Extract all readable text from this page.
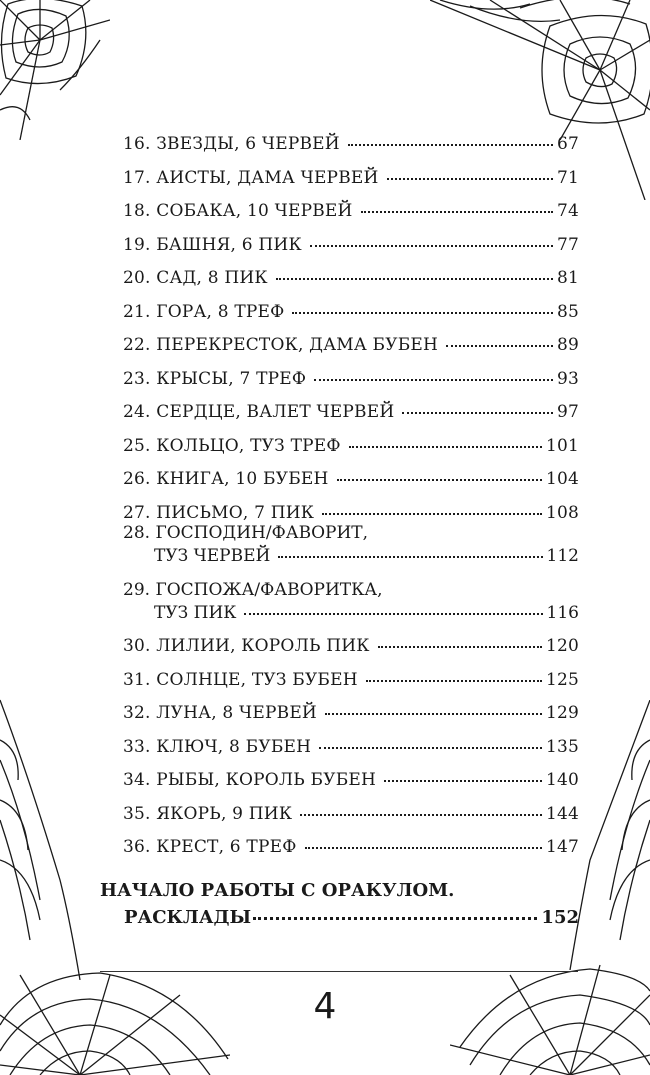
16. ЗВЕЗДЫ, 6 ЧЕРВЕЙ	67
17. АИСТЫ, ДАМА ЧЕРВЕЙ	71
18. СОБАКА, 10 ЧЕРВЕЙ	74
19. БАШНЯ, 6 ПИК	77
20. САД, 8 ПИК	81
21. ГОРА, 8 ТРЕФ	85
22. ПЕРЕКРЕСТОК, ДАМА БУБЕН	89
23. КРЫСЫ, 7 ТРЕФ	93
24. СЕРДЦЕ, ВАЛЕТ ЧЕРВЕЙ	97
25. КОЛЬЦО, ТУЗ ТРЕФ	101
26. КНИГА, 10 БУБЕН	104
27. ПИСЬМО, 7 ПИК	108
28. ГОСПОДИН/ФАВОРИТ,
ТУЗ ЧЕРВЕЙ	112
29. ГОСПОЖА/ФАВОРИТКА,
ТУЗ ПИК	116
30. ЛИЛИИ, КОРОЛЬ ПИК	120
31. СОЛНЦЕ, ТУЗ БУБЕН	125
32. ЛУНА, 8 ЧЕРВЕЙ	129
33. КЛЮЧ, 8 БУБЕН	135
34. РЫБЫ, КОРОЛЬ БУБЕН	140
35. ЯКОРЬ, 9 ПИК	144
36. КРЕСТ, 6 ТРЕФ	147
НАЧАЛО РАБОТЫ С ОРАКУЛОМ.
РАСКЛАДЫ	152
4
